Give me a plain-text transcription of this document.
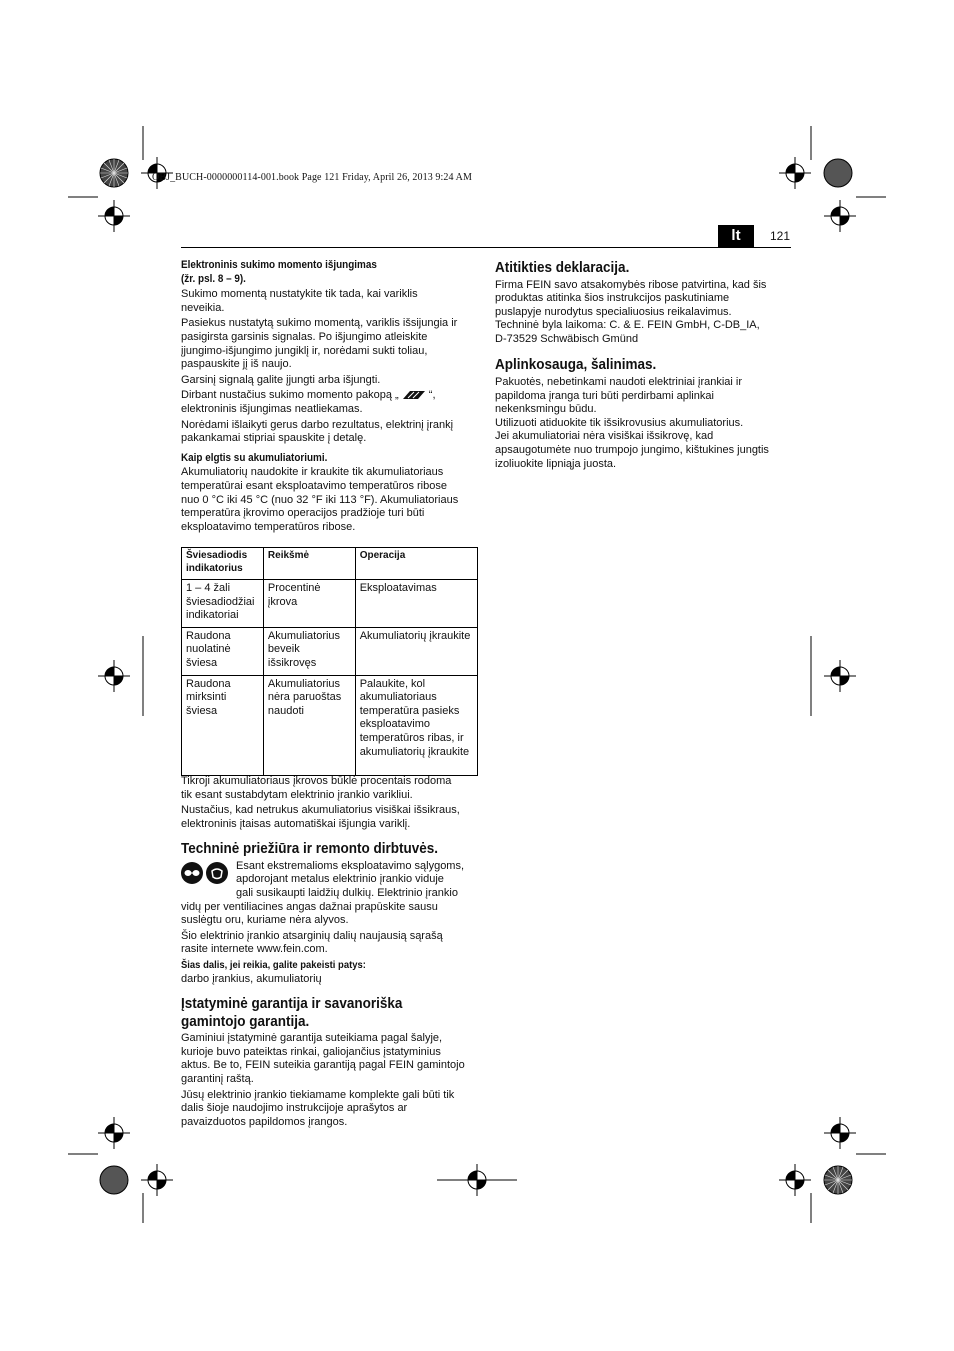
OBJ_BUCH-0000000114-001.book Page 121 Friday, April 26, 2013 9:24 AM
lt	121
Elektroninis sukimo momento išjungimas
(žr. psl. 8 – 9).

Sukimo momentą nustatykite tik tada, kai variklis

neveikia.

Pasiekus nustatytą sukimo momentą, variklis išsijungia ir

pasigirsta garsinis signalas. Po išjungimo atleiskite

įjungimo-išjungimo jungiklį ir, norėdami sukti toliau,

paspauskite jį iš naujo.

Garsinį signalą galite įjungti arba išjungti.

Dirbant nustačius sukimo momento pakopą „	“,

elektroninis išjungimas neatliekamas.

Norėdami išlaikyti gerus darbo rezultatus, elektrinį įrankį

pakankamai stipriai spauskite į detalę.

Kaip elgtis su akumuliatoriumi.

Akumuliatorių naudokite ir kraukite tik akumuliatoriaus

temperatūrai esant eksploatavimo temperatūros ribose

nuo 0 °C iki 45 °C (nuo 32 °F iki 113 °F). Akumuliatoriaus

temperatūra įkrovimo operacijos pradžioje turi būti

eksploatavimo temperatūros ribose.

Šviesadiodis indikatorius	Reikšmė	Operacija
1 – 4 žali šviesadiodžiai indikatoriai	Procentinė įkrova	Eksploatavimas
Raudona nuolatinė šviesa	Akumuliatorius beveik išsikrovęs	Akumuliatorių įkraukite
Raudona mirksinti šviesa	Akumuliatorius nėra paruoštas naudoti	Palaukite, kol akumuliatoriaus temperatūra pasieks eksploatavimo temperatūros ribas, ir akumuliatorių įkraukite

Tikroji akumuliatoriaus įkrovos būklė procentais rodoma

tik esant sustabdytam elektrinio įrankio varikliui.

Nustačius, kad netrukus akumuliatorius visiškai išsikraus,

elektroninis įtaisas automatiškai išjungia variklį.

Techninė priežiūra ir remonto dirbtuvės.

Esant ekstremalioms eksploatavimo sąlygoms,

apdorojant metalus elektrinio įrankio viduje

gali susikaupti laidžių dulkių. Elektrinio įrankio

vidų per ventiliacines angas dažnai prapūskite sausu

suslėgtu oru, kuriame nėra alyvos.

Šio elektrinio įrankio atsarginių dalių naujausią sąrašą

rasite internete www.fein.com.

Šias dalis, jei reikia, galite pakeisti patys:

darbo įrankius, akumuliatorių

Įstatyminė garantija ir savanoriška
gamintojo garantija.

Gaminiui įstatyminė garantija suteikiama pagal šalyje,

kurioje buvo pateiktas rinkai, galiojančius įstatyminius

aktus. Be to, FEIN suteikia garantiją pagal FEIN gamintojo

garantinį raštą.

Jūsų elektrinio įrankio tiekiamame komplekte gali būti tik

dalis šioje naudojimo instrukcijoje aprašytos ar

pavaizduotos papildomos įrangos.

Atitikties deklaracija.

Firma FEIN savo atsakomybės ribose patvirtina, kad šis

produktas atitinka šios instrukcijos paskutiniame

puslapyje nurodytus specialiuosius reikalavimus.

Techninė byla laikoma: C. & E. FEIN GmbH, C-DB_IA,

D-73529 Schwäbisch Gmünd

Aplinkosauga, šalinimas.

Pakuotės, nebetinkami naudoti elektriniai įrankiai ir

papildoma įranga turi būti perdirbami aplinkai

nekenksmingu būdu.

Utilizuoti atiduokite tik išsikrovusius akumuliatorius.

Jei akumuliatoriai nėra visiškai išsikrovę, kad

apsaugotumėte nuo trumpojo jungimo, kištukines jungtis

izoliuokite lipniąja juosta.
